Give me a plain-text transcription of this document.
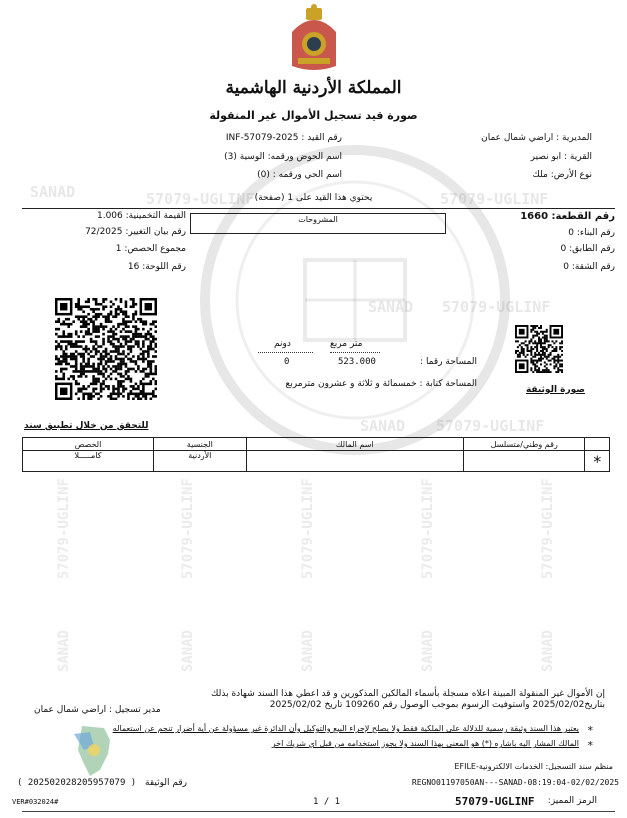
SANAD	57079-UGLINF	57079-UGLINF
SANAD 57079-UGLINF
SANAD 57079-UGLINF
57079-UGLINF	57079-UGLINF	57079-UGLINF	57079-UGLINF	57079-UGLINF
SANAD	SANAD	SANAD	SANAD	SANAD
المملكة الأردنية الهاشمية
صورة قيد تسجيل الأموال غير المنقولة
المديرية : اراضي شمال عمان
القرية : ابو نصير
نوع الأرض: ملك
رقم القيد : 2025-INF-57079
اسم الحوض ورقمه: الوسية (3)
اسم الحي ورقمه : (0)
يحتوي هذا القيد على 1 (صفحة)
رقم القطعة: 1660
رقم البناء: 0
رقم الطابق: 0
رقم الشقة: 0
المشروحات
القيمة التخمينية: 1.006
رقم بيان التغيير: 72/2025
مجموع الحصص: 1
رقم اللوحة: 16
صورة الوثيقة
متر مربع
دونم
المساحة رقما :
523.000
0
المساحة كتابة : خمسمائة و ثلاثة و عشرون مترمربع
للتحقق من خلال تطبيق سند
	رقم وطني/متسلسل	اسم المالك	الجنسية	الحصص
*			الأردنية	كامـــــلا
إن الأموال غير المنقولة المبينة اعلاه مسجلة بأسماء المالكين المذكورين و قد اعطي هذا السند شهادة بذلك
بتاريخ2025/02/02 واستوفيت الرسوم بموجب الوصول رقم 109260 تاريخ 2025/02/02
مدير تسجيل : اراضي شمال عمان
*
يعتبر هذا السند وثيقة رسمية للدلالة على الملكية فقط ولا يصلح لإجراء البيع والتوكيل وأن الدائرة غير مسؤولة عن أية أضرار تنجم عن استعماله
*
المالك المشار اليه باشاره (*) هو المعنى بهذا السند ولا يجوز استخدامه من قبل اي شريك اخر
منظم سند التسجيل: الخدمات الالكترونية-EFILE
REGNO01197050AN---SANAD-08:19:04-02/02/2025
( 202502028205957079 ) رقم الوثيقة
الرمز المميز:
57079-UGLINF
1 / 1
VER#032024#
